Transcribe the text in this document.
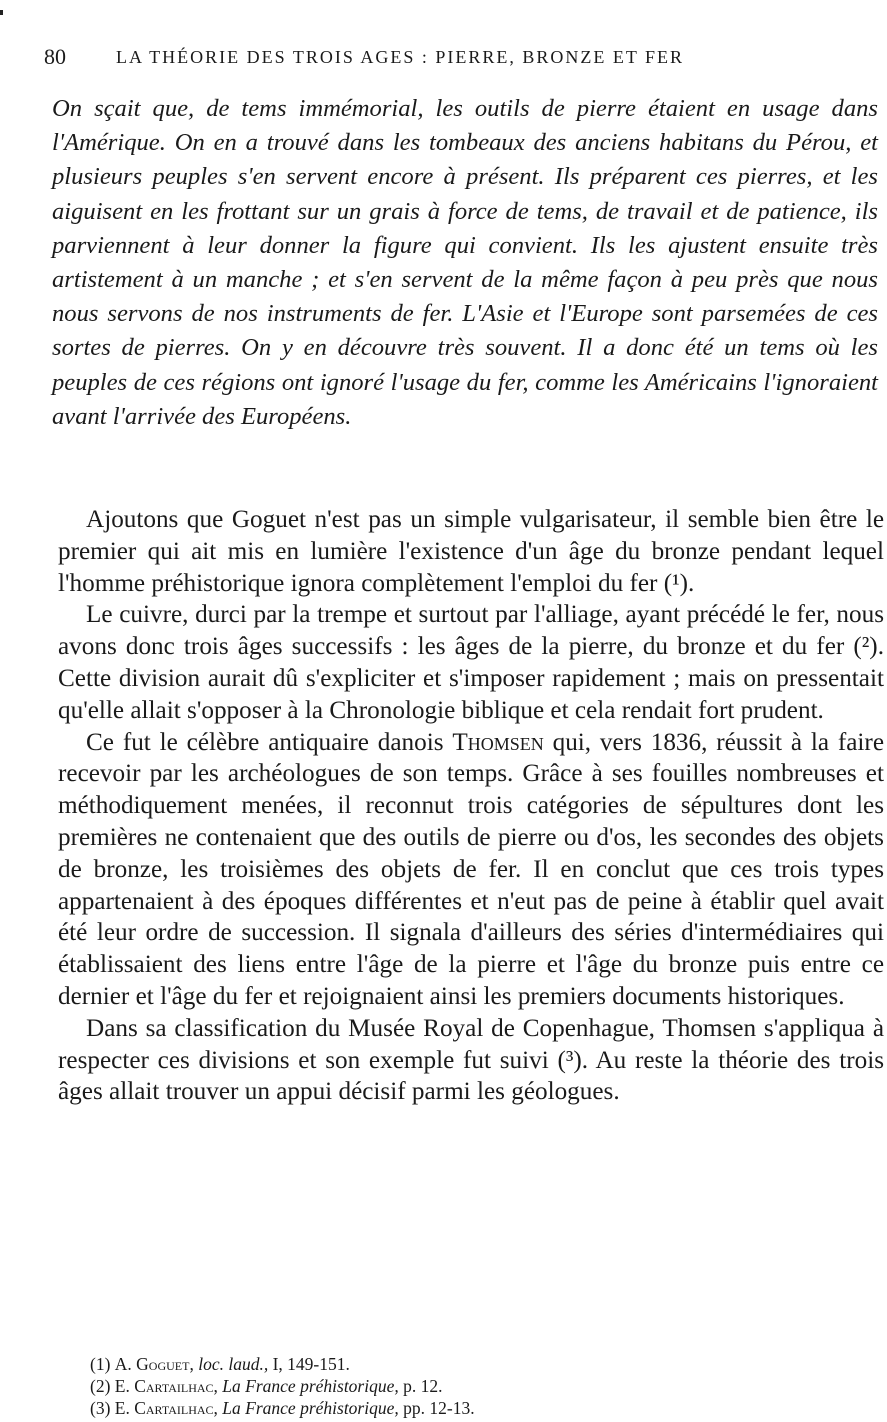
80	LA THÉORIE DES TROIS AGES : PIERRE, BRONZE ET FER
On sçait que, de tems immémorial, les outils de pierre étaient en usage dans l'Amérique. On en a trouvé dans les tombeaux des anciens habitans du Pérou, et plusieurs peuples s'en servent encore à présent. Ils préparent ces pierres, et les aiguisent en les frottant sur un grais à force de tems, de travail et de patience, ils parviennent à leur donner la figure qui convient. Ils les ajustent ensuite très artistement à un manche ; et s'en servent de la même façon à peu près que nous nous servons de nos instruments de fer. L'Asie et l'Europe sont parsemées de ces sortes de pierres. On y en découvre très souvent. Il a donc été un tems où les peuples de ces régions ont ignoré l'usage du fer, comme les Américains l'ignoraient avant l'arrivée des Européens.

Ajoutons que Goguet n'est pas un simple vulgarisateur, il semble bien être le premier qui ait mis en lumière l'existence d'un âge du bronze pendant lequel l'homme préhistorique ignora complètement l'emploi du fer (¹).

Le cuivre, durci par la trempe et surtout par l'alliage, ayant précédé le fer, nous avons donc trois âges successifs : les âges de la pierre, du bronze et du fer (²). Cette division aurait dû s'expliciter et s'imposer rapidement ; mais on pressentait qu'elle allait s'opposer à la Chronologie biblique et cela rendait fort prudent.

Ce fut le célèbre antiquaire danois Thomsen qui, vers 1836, réussit à la faire recevoir par les archéologues de son temps. Grâce à ses fouilles nombreuses et méthodiquement menées, il reconnut trois catégories de sépultures dont les premières ne contenaient que des outils de pierre ou d'os, les secondes des objets de bronze, les troisièmes des objets de fer. Il en conclut que ces trois types appartenaient à des époques différentes et n'eut pas de peine à établir quel avait été leur ordre de succession. Il signala d'ailleurs des séries d'intermédiaires qui établissaient des liens entre l'âge de la pierre et l'âge du bronze puis entre ce dernier et l'âge du fer et rejoignaient ainsi les premiers documents historiques.

Dans sa classification du Musée Royal de Copenhague, Thomsen s'appliqua à respecter ces divisions et son exemple fut suivi (³). Au reste la théorie des trois âges allait trouver un appui décisif parmi les géologues.

(1) A. Goguet, loc. laud., I, 149-151.
(2) E. Cartailhac, La France préhistorique, p. 12.
(3) E. Cartailhac, La France préhistorique, pp. 12-13.
